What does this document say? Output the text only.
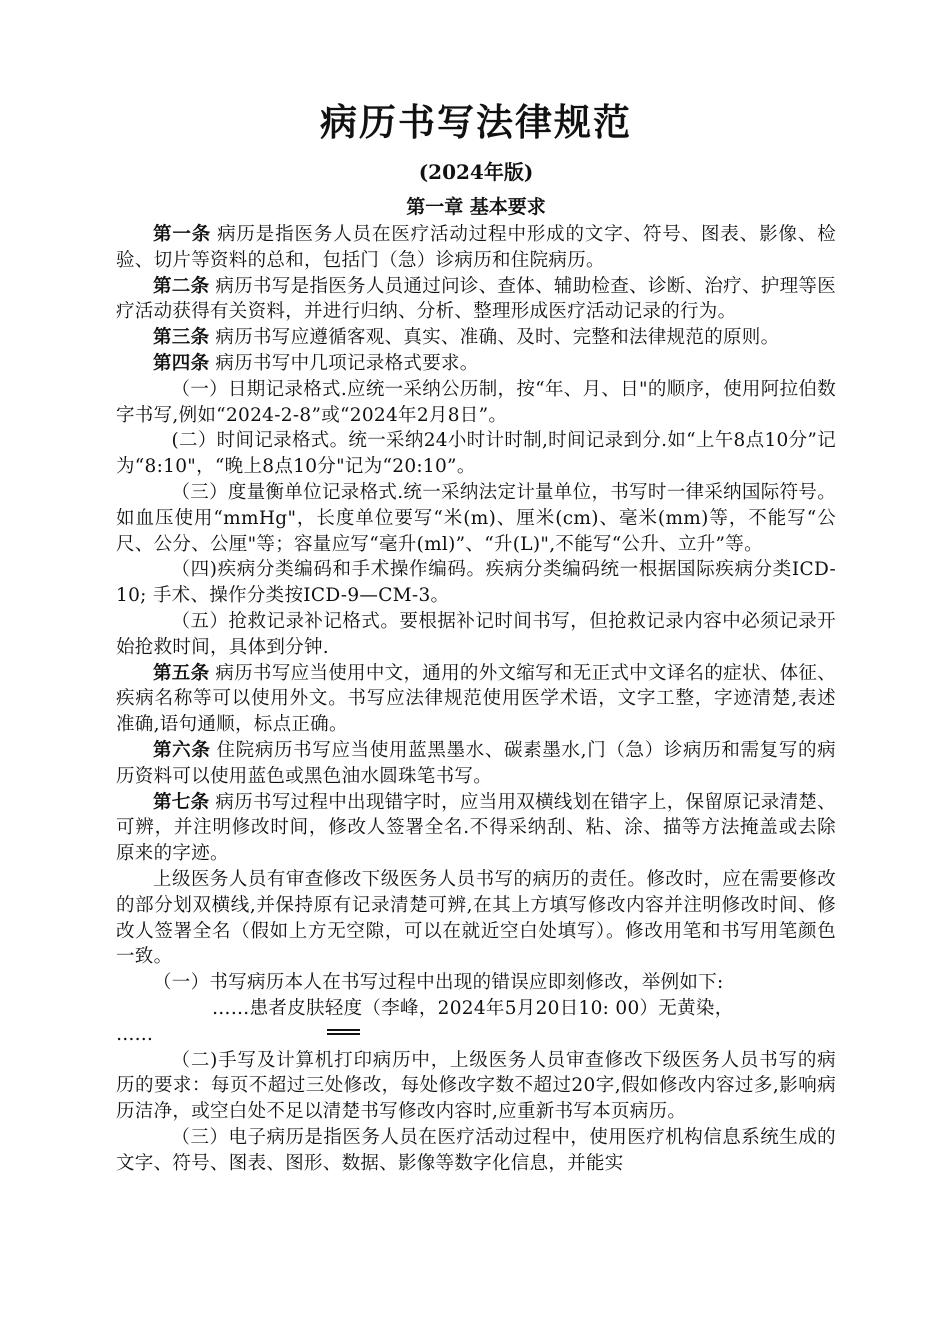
病历书写法律规范
(2024年版)
第一章 基本要求

第一条 病历是指医务人员在医疗活动过程中形成的文字、符号、图表、影像、检验、切片等资料的总和，包括门（急）诊病历和住院病历。

第二条 病历书写是指医务人员通过问诊、查体、辅助检查、诊断、治疗、护理等医疗活动获得有关资料，并进行归纳、分析、整理形成医疗活动记录的行为。

第三条 病历书写应遵循客观、真实、准确、及时、完整和法律规范的原则。

第四条 病历书写中几项记录格式要求。

（一）日期记录格式.应统一采纳公历制，按“年、月、日"的顺序，使用阿拉伯数字书写,例如“2024-2-8”或“2024年2月8日”。

(二）时间记录格式。统一采纳24小时计时制,时间记录到分.如“上午8点10分”记为“8:10"，“晚上8点10分"记为“20:10”。

（三）度量衡单位记录格式.统一采纳法定计量单位，书写时一律采纳国际符号。如血压使用“mmHg"，长度单位要写“米(m)、厘米(cm)、毫米(mm)等，不能写“公尺、公分、公厘"等；容量应写“毫升(ml)”、“升(L)",不能写“公升、立升”等。

（四)疾病分类编码和手术操作编码。疾病分类编码统一根据国际疾病分类ICD-10; 手术、操作分类按ICD-9—CM-3。

（五）抢救记录补记格式。要根据补记时间书写，但抢救记录内容中必须记录开始抢救时间，具体到分钟.

第五条 病历书写应当使用中文，通用的外文缩写和无正式中文译名的症状、体征、疾病名称等可以使用外文。书写应法律规范使用医学术语，文字工整，字迹清楚,表述准确,语句通顺，标点正确。

第六条 住院病历书写应当使用蓝黑墨水、碳素墨水,门（急）诊病历和需复写的病历资料可以使用蓝色或黑色油水圆珠笔书写。

第七条 病历书写过程中出现错字时，应当用双横线划在错字上，保留原记录清楚、可辨，并注明修改时间，修改人签署全名.不得采纳刮、粘、涂、描等方法掩盖或去除原来的字迹。

上级医务人员有审查修改下级医务人员书写的病历的责任。修改时，应在需要修改的部分划双横线,并保持原有记录清楚可辨,在其上方填写修改内容并注明修改时间、修改人签署全名（假如上方无空隙，可以在就近空白处填写）。修改用笔和书写用笔颜色一致。

（一）书写病历本人在书写过程中出现的错误应即刻修改，举例如下:

……患者皮肤轻度（李峰，2024年5月20日10: 00）无黄染，

……

（二)手写及计算机打印病历中，上级医务人员审查修改下级医务人员书写的病历的要求：每页不超过三处修改，每处修改字数不超过20字,假如修改内容过多,影响病历洁净，或空白处不足以清楚书写修改内容时,应重新书写本页病历。

（三）电子病历是指医务人员在医疗活动过程中，使用医疗机构信息系统生成的文字、符号、图表、图形、数据、影像等数字化信息，并能实
